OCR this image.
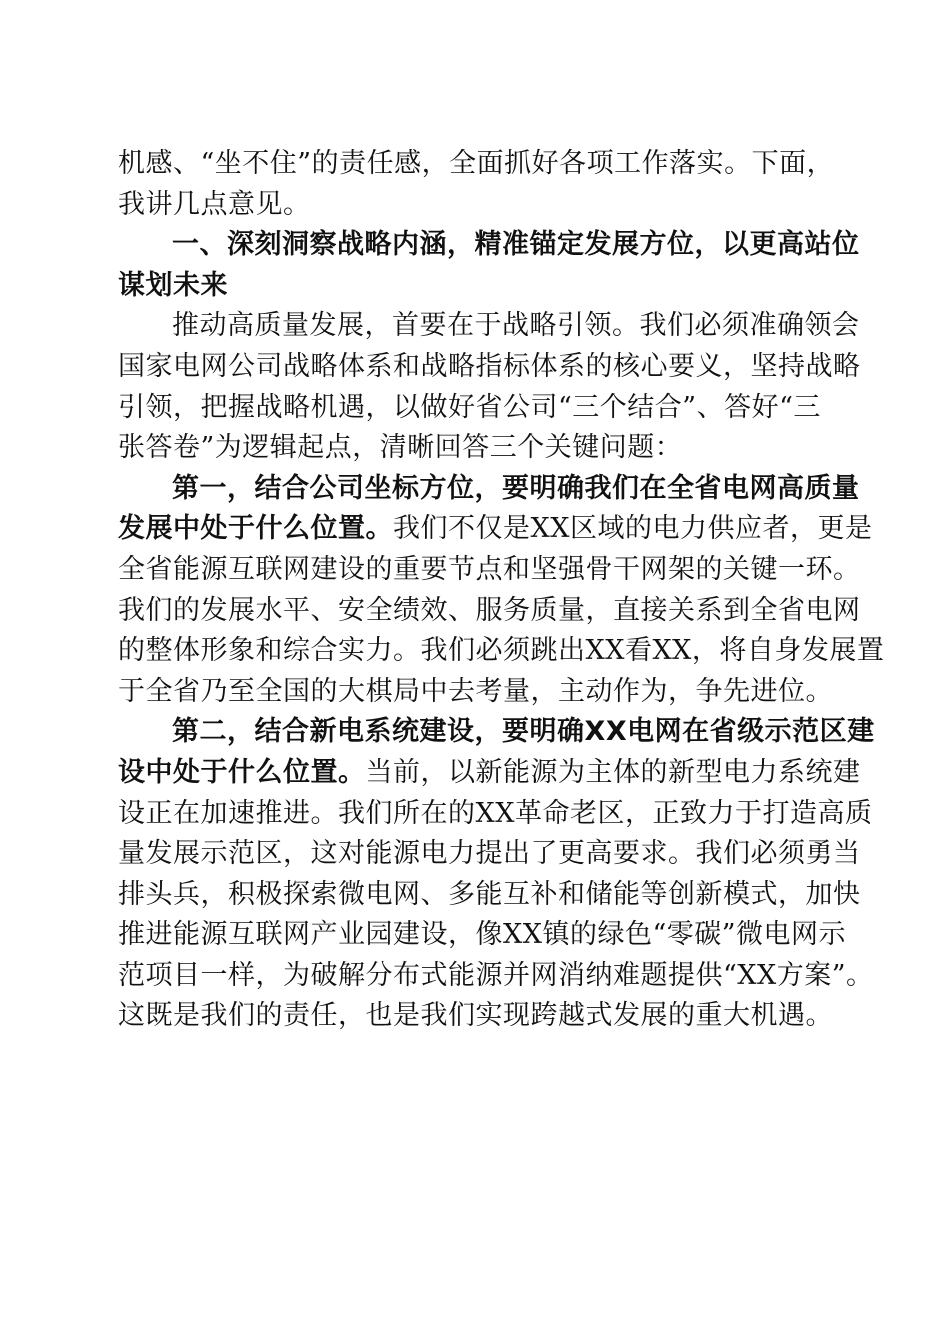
机感、“坐不住”的责任感，全面抓好各项工作落实。下面，
我讲几点意见。
一、深刻洞察战略内涵，精准锚定发展方位，以更高站位
谋划未来
推动高质量发展，首要在于战略引领。我们必须准确领会
国家电网公司战略体系和战略指标体系的核心要义，坚持战略
引领，把握战略机遇，以做好省公司“三个结合”、答好“三
张答卷”为逻辑起点，清晰回答三个关键问题：
第一，结合公司坐标方位，要明确我们在全省电网高质量
发展中处于什么位置。我们不仅是XX区域的电力供应者，更是
全省能源互联网建设的重要节点和坚强骨干网架的关键一环。
我们的发展水平、安全绩效、服务质量，直接关系到全省电网
的整体形象和综合实力。我们必须跳出XX看XX，将自身发展置
于全省乃至全国的大棋局中去考量，主动作为，争先进位。
第二，结合新电系统建设，要明确XX电网在省级示范区建
设中处于什么位置。当前，以新能源为主体的新型电力系统建
设正在加速推进。我们所在的XX革命老区，正致力于打造高质
量发展示范区，这对能源电力提出了更高要求。我们必须勇当
排头兵，积极探索微电网、多能互补和储能等创新模式，加快
推进能源互联网产业园建设，像XX镇的绿色“零碳”微电网示
范项目一样，为破解分布式能源并网消纳难题提供“XX方案”。
这既是我们的责任，也是我们实现跨越式发展的重大机遇。
